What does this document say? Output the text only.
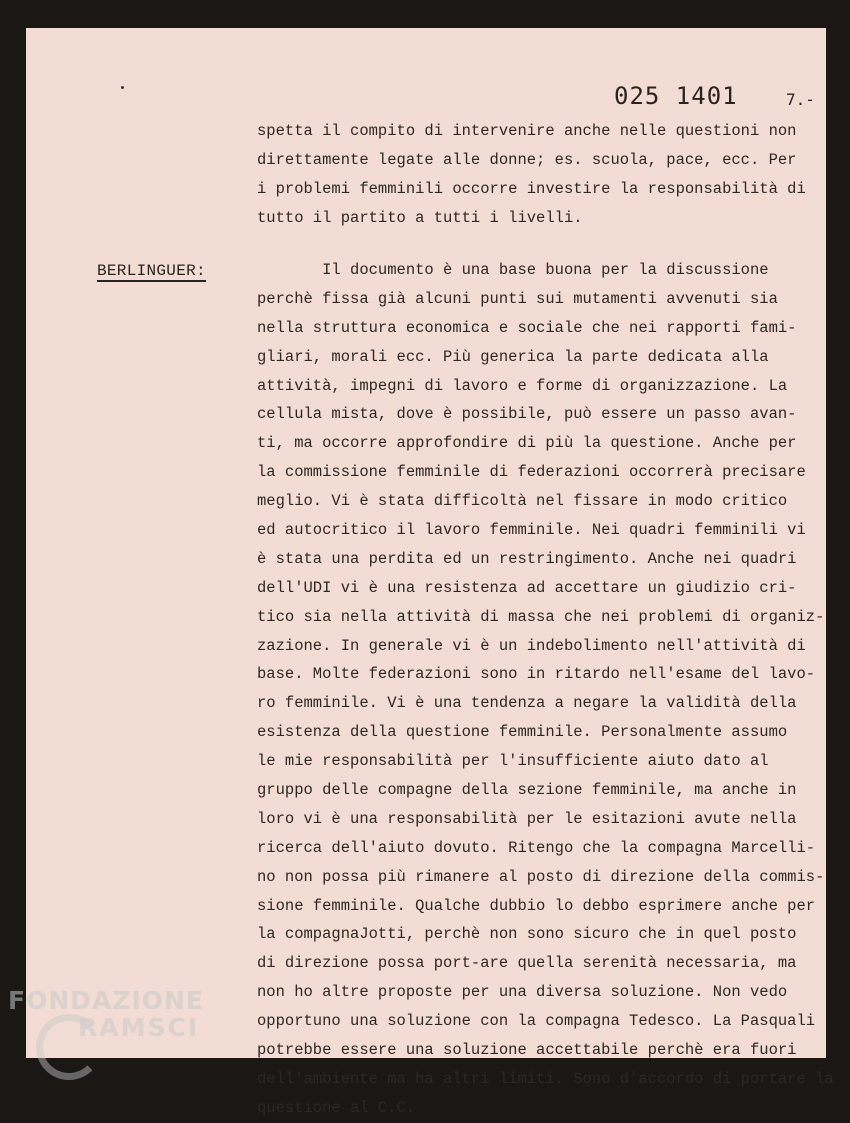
025 1401	7.-
spetta il compito di intervenire anche nelle questioni non
direttamente legate alle donne; es. scuola, pace, ecc. Per
i problemi femminili occorre investire la responsabilità di
tutto il partito a tutti i livelli.
BERLINGUER:	Il documento è una base buona per la discussione
perchè fissa già alcuni punti sui mutamenti avvenuti sia
nella struttura economica e sociale che nei rapporti fami-
gliari, morali ecc. Più generica la parte dedicata alla
attività, impegni di lavoro e forme di organizzazione. La
cellula mista, dove è possibile, può essere un passo avan-
ti, ma occorre approfondire di più la questione. Anche per
la commissione femminile di federazioni occorrerà precisare
meglio. Vi è stata difficoltà nel fissare in modo critico
ed autocritico il lavoro femminile. Nei quadri femminili vi
è stata una perdita ed un restringimento. Anche nei quadri
dell'UDI vi è una resistenza ad accettare un giudizio cri-
tico sia nella attività di massa che nei problemi di organiz-
zazione. In generale vi è un indebolimento nell'attività di
base. Molte federazioni sono in ritardo nell'esame del lavo-
ro femminile. Vi è una tendenza a negare la validità della
esistenza della questione femminile. Personalmente assumo
le mie responsabilità per l'insufficiente aiuto dato al
gruppo delle compagne della sezione femminile, ma anche in
loro vi è una responsabilità per le esitazioni avute nella
ricerca dell'aiuto dovuto. Ritengo che la compagna Marcelli-
no non possa più rimanere al posto di direzione della commis-
sione femminile. Qualche dubbio lo debbo esprimere anche per
la compagnaJotti, perchè non sono sicuro che in quel posto
di direzione possa port-are quella serenità necessaria, ma
non ho altre proposte per una diversa soluzione. Non vedo
opportuno una soluzione con la compagna Tedesco. La Pasquali
potrebbe essere una soluzione accettabile perchè era fuori
dell'ambiente ma ha altri limiti. Sono d'accordo di portare la
questione al C.C.
FONDAZIONE
RAMSCI
